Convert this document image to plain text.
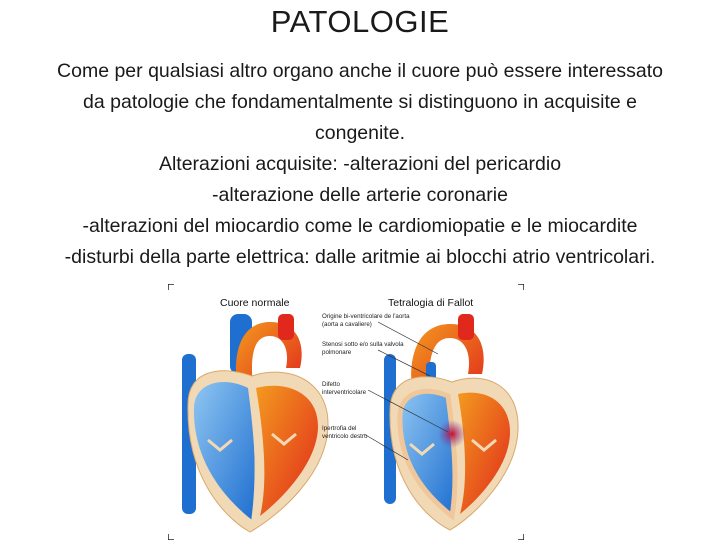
PATOLOGIE
Come per qualsiasi altro organo anche il cuore può essere interessato
da patologie che fondamentalmente si distinguono in acquisite e
congenite.
Alterazioni acquisite: -alterazioni del pericardio
-alterazione delle arterie coronarie
-alterazioni del miocardio come le cardiomiopatie e le miocardite
-disturbi della parte elettrica: dalle aritmie ai blocchi atrio ventricolari.
Cuore normale	Tetralogia di Fallot
Origine bi-ventricolare de l'aorta
(aorta a cavaliere)
Stenosi sotto e/o sulla valvola
polmonare
Difetto
interventricolare
Ipertrofia del
ventricolo destro
